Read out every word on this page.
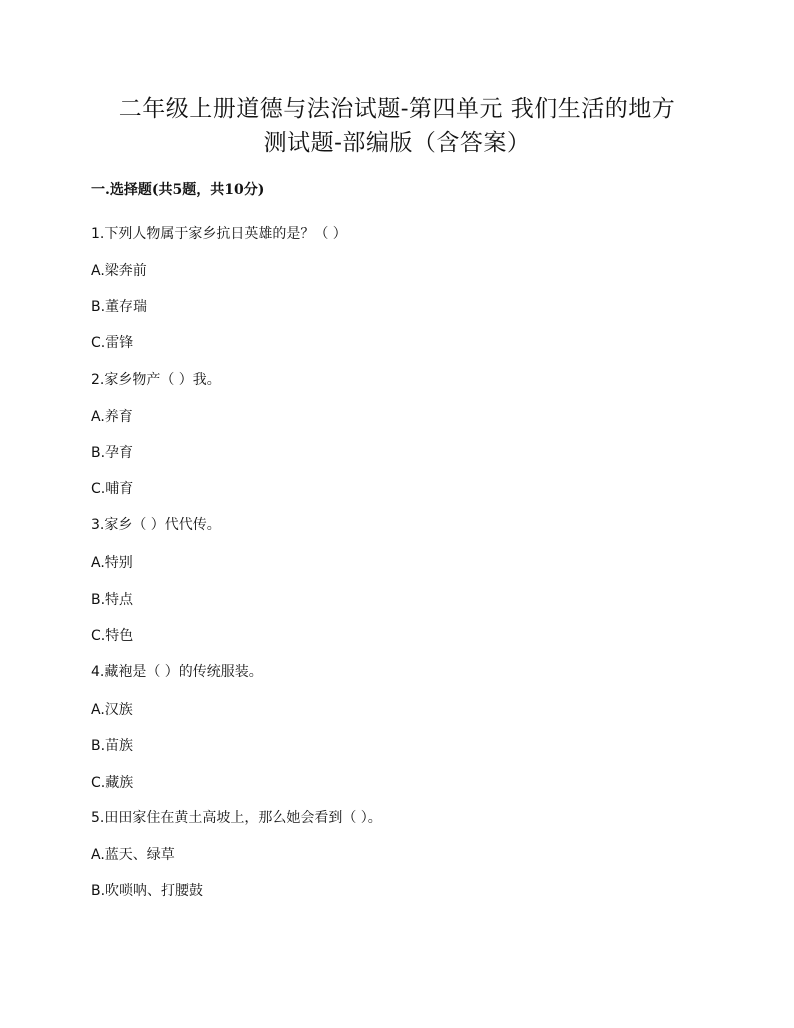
二年级上册道德与法治试题-第四单元 我们生活的地方
测试题-部编版（含答案）
一.选择题(共5题，共10分)
1.下列人物属于家乡抗日英雄的是？（ ）
A.梁奔前
B.董存瑞
C.雷锋
2.家乡物产（ ）我。
A.养育
B.孕育
C.哺育
3.家乡（ ）代代传。
A.特别
B.特点
C.特色
4.藏袍是（ ）的传统服装。
A.汉族
B.苗族
C.藏族
5.田田家住在黄土高坡上，那么她会看到（ ）。
A.蓝天、绿草
B.吹唢呐、打腰鼓
